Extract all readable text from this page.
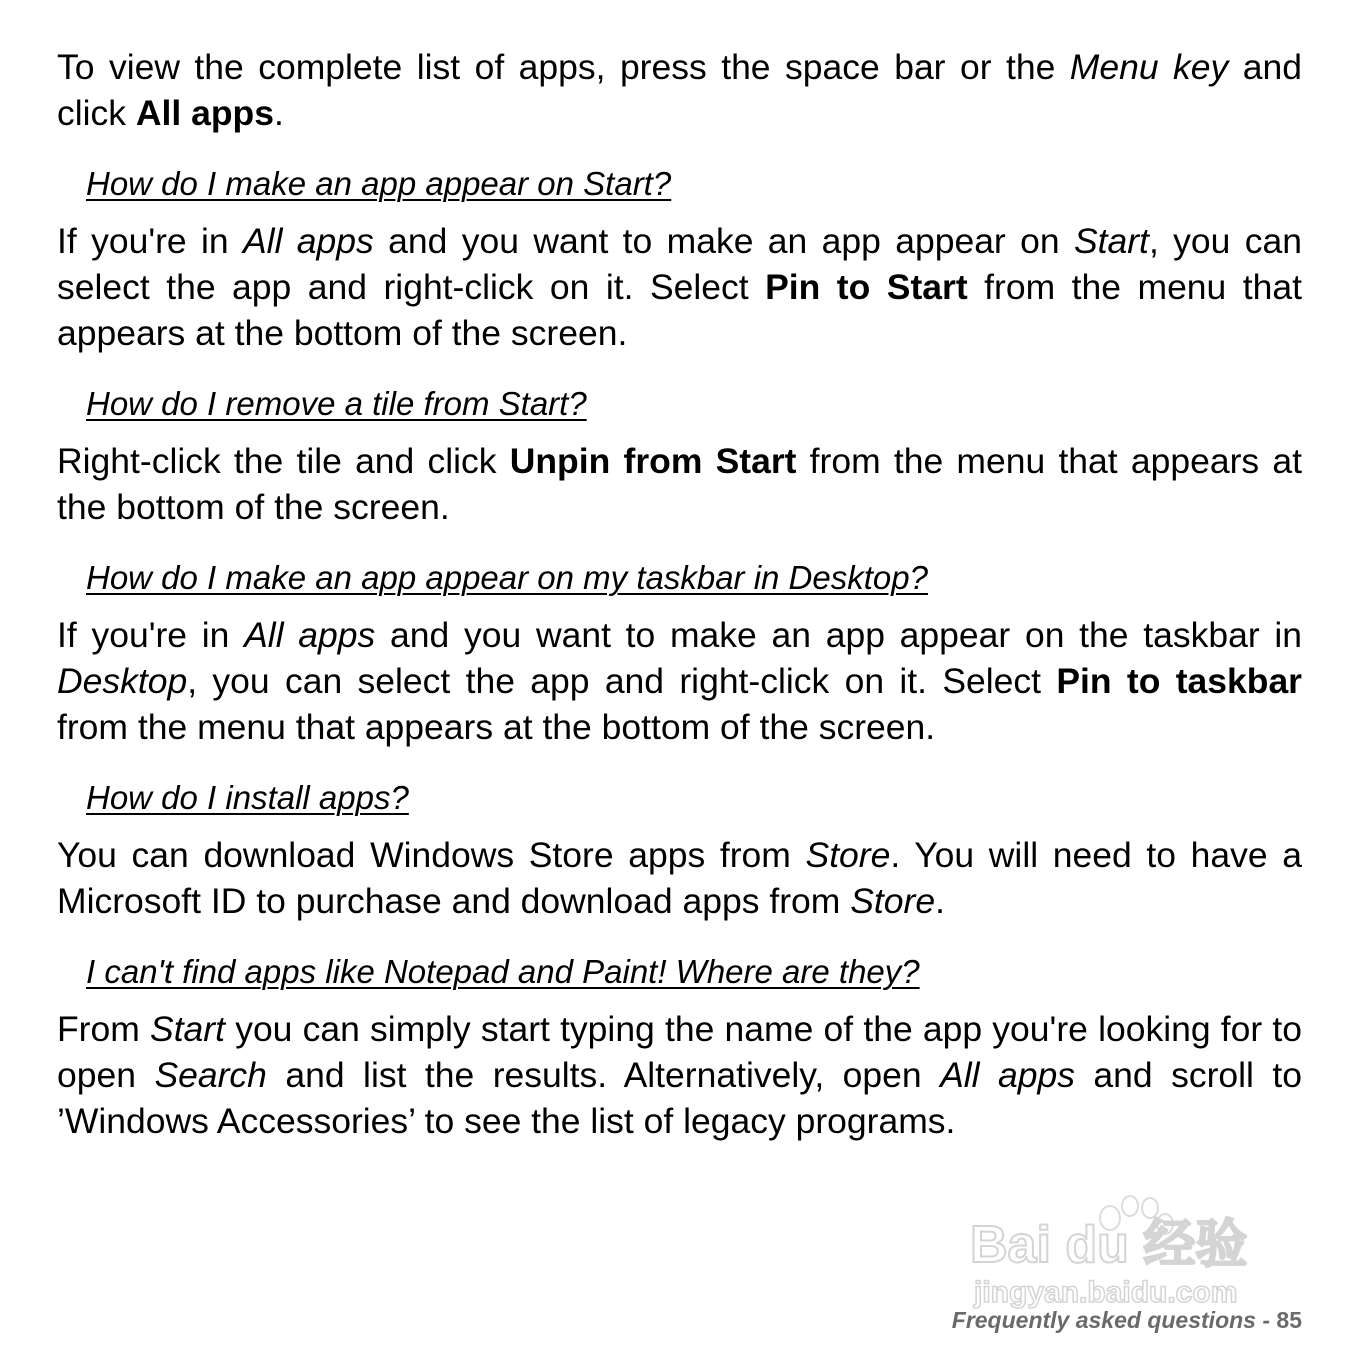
To view the complete list of apps, press the space bar or the Menu key and click All apps.

How do I make an app appear on Start?

If you're in All apps and you want to make an app appear on Start, you can select the app and right-click on it. Select Pin to Start from the menu that appears at the bottom of the screen.

How do I remove a tile from Start?

Right-click the tile and click Unpin from Start from the menu that appears at the bottom of the screen.

How do I make an app appear on my taskbar in Desktop?

If you're in All apps and you want to make an app appear on the taskbar in Desktop, you can select the app and right-click on it. Select Pin to taskbar from the menu that appears at the bottom of the screen.

How do I install apps?

You can download Windows Store apps from Store. You will need to have a Microsoft ID to purchase and download apps from Store.

I can't find apps like Notepad and Paint! Where are they?

From Start you can simply start typing the name of the app you're looking for to open Search and list the results. Alternatively, open All apps and scroll to ’Windows Accessories’ to see the list of legacy programs.

Bai du 经验
jingyan.baidu.com
Frequently asked questions - 85
